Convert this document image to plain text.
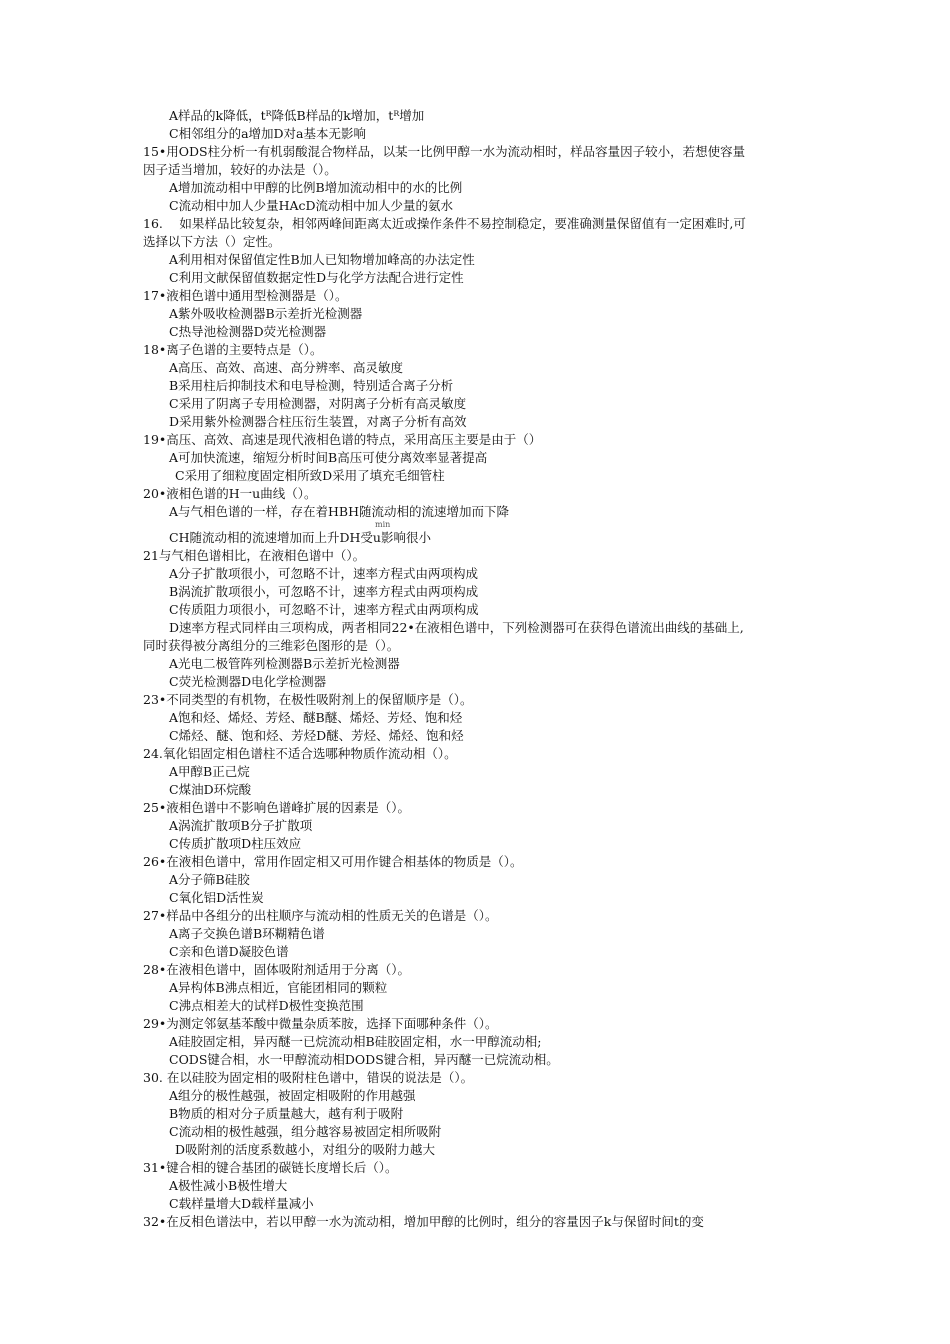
A样品的k降低，tᴿ降低B样品的k增加，tᴿ增加
C相邻组分的a增加D对a基本无影响
15•用ODS柱分析一有机弱酸混合物样品，以某一比例甲醇一水为流动相时，样品容量因子较小，若想使容量
因子适当增加，较好的办法是（）。
A增加流动相中甲醇的比例B增加流动相中的水的比例
C流动相中加人少量HAcD流动相中加人少量的氨水
16.　 如果样品比较复杂，相邻两峰间距离太近或操作条件不易控制稳定，要准确测量保留值有一定困难时,可
选择以下方法（）定性。
A利用相对保留值定性B加人已知物增加峰高的办法定性
C利用文献保留值数据定性D与化学方法配合进行定性
17•液相色谱中通用型检测器是（）。
A紫外吸收检测器B示差折光检测器
C热导池检测器D荧光检测器
18•离子色谱的主要特点是（）。
A高压、高效、高速、高分辨率、高灵敏度
B采用柱后抑制技术和电导检测，特别适合离子分析
C采用了阴离子专用检测器，对阴离子分析有高灵敏度
D采用紫外检测器合柱压衍生装置，对离子分析有高效
19•高压、高效、高速是现代液相色谱的特点，采用高压主要是由于（）
A可加快流速，缩短分析时间B高压可使分离效率显著提高
C采用了细粒度固定相所致D采用了填充毛细管柱
20•液相色谱的H一u曲线（）。
A与气相色谱的一样，存在着HBH随流动相的流速增加而下降
min
CH随流动相的流速增加而上升DH受u影响很小
21与气相色谱相比，在液相色谱中（）。
A分子扩散项很小，可忽略不计，速率方程式由两项构成
B涡流扩散项很小，可忽略不计，速率方程式由两项构成
C传质阻力项很小，可忽略不计，速率方程式由两项构成
D速率方程式同样由三项构成，两者相同22•在液相色谱中，下列检测器可在获得色谱流出曲线的基础上,
同时获得被分离组分的三维彩色图形的是（）。
A光电二极管阵列检测器B示差折光检测器
C荧光检测器D电化学检测器
23•不同类型的有机物，在极性吸附剂上的保留顺序是（）。
A饱和烃、烯烃、芳烃、醚B醚、烯烃、芳烃、饱和烃
C烯烃、醚、饱和烃、芳烃D醚、芳烃、烯烃、饱和烃
24.氧化铝固定相色谱柱不适合选哪种物质作流动相（）。
A甲醇B正己烷
C煤油D环烷酸
25•液相色谱中不影响色谱峰扩展的因素是（）。
A涡流扩散项B分子扩散项
C传质扩散项D柱压效应
26•在液相色谱中，常用作固定相又可用作键合相基体的物质是（）。
A分子筛B硅胶
C氧化铝D活性炭
27•样品中各组分的出柱顺序与流动相的性质无关的色谱是（）。
A离子交换色谱B环糊精色谱
C亲和色谱D凝胶色谱
28•在液相色谱中，固体吸附剂适用于分离（）。
A异构体B沸点相近，官能团相同的颗粒
C沸点相差大的试样D极性变换范围
29•为测定邻氨基苯酸中微量杂质苯胺，选择下面哪种条件（）。
A硅胶固定相，异丙醚一已烷流动相B硅胶固定相，水一甲醇流动相;
CODS键合相，水一甲醇流动相DODS键合相，异丙醚一已烷流动相。
30. 在以硅胶为固定相的吸附柱色谱中，错误的说法是（）。
A组分的极性越强，被固定相吸附的作用越强
B物质的相对分子质量越大，越有利于吸附
C流动相的极性越强，组分越容易被固定相所吸附
D吸附剂的活度系数越小，对组分的吸附力越大
31•键合相的键合基团的碳链长度增长后（）。
A极性减小B极性增大
C载样量增大D载样量减小
32•在反相色谱法中，若以甲醇一水为流动相，增加甲醇的比例时，组分的容量因子k与保留时间t的变
